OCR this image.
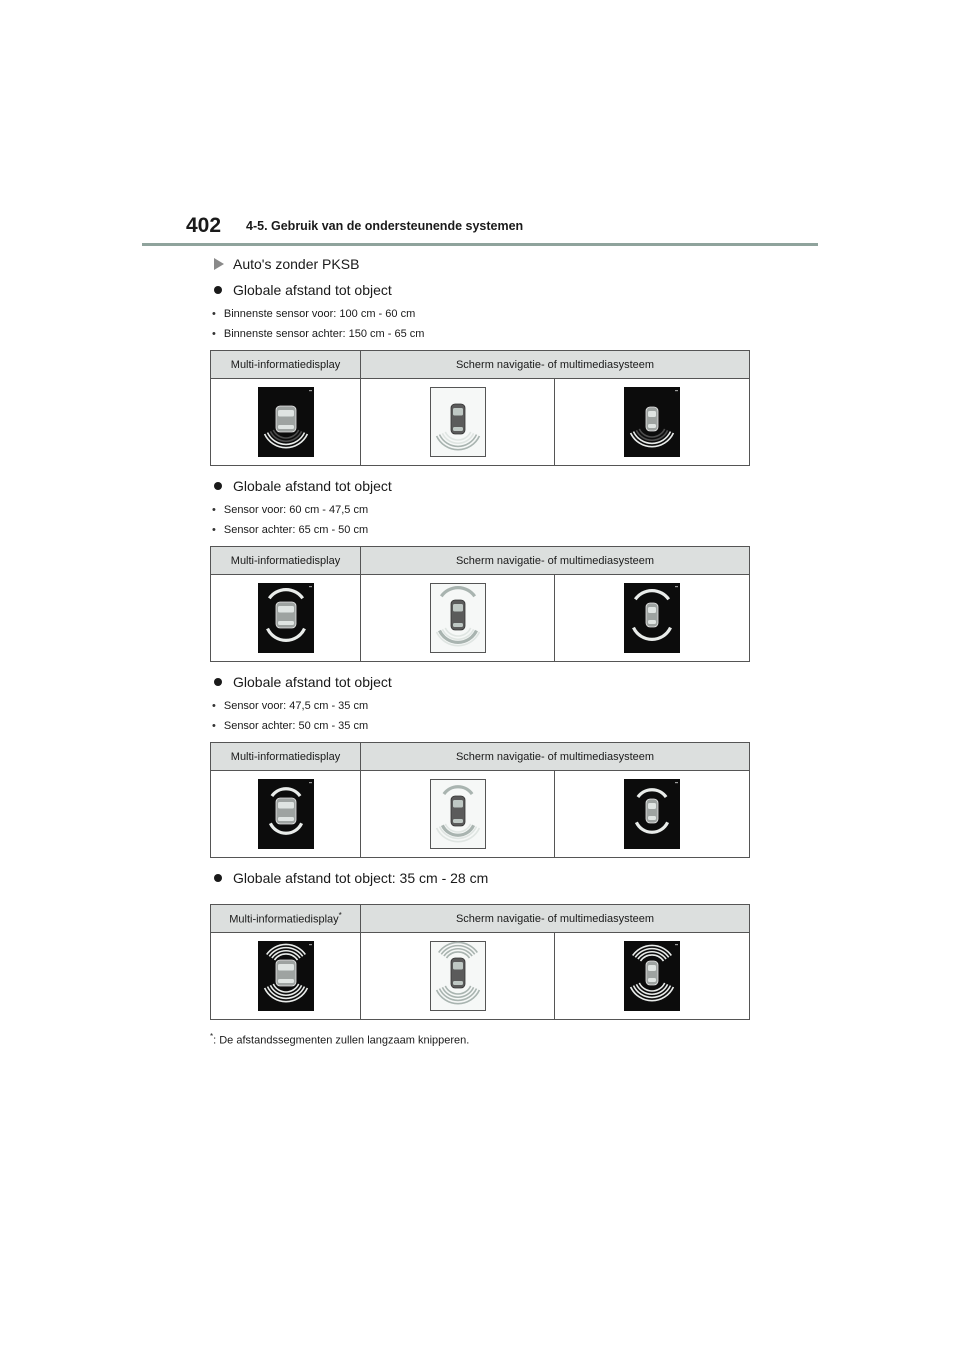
402 4-5. Gebruik van de ondersteunende systemen
Auto's zonder PKSB
Globale afstand tot object
• Binnenste sensor voor: 100 cm - 60 cm
• Binnenste sensor achter: 150 cm - 65 cm
Multi-informatiedisplay	Scherm navigatie- of multimediasysteem	

Globale afstand tot object
• Sensor voor: 60 cm - 47,5 cm
• Sensor achter: 65 cm - 50 cm
Multi-informatiedisplay	Scherm navigatie- of multimediasysteem	

Globale afstand tot object
• Sensor voor: 47,5 cm - 35 cm
• Sensor achter: 50 cm - 35 cm
Multi-informatiedisplay	Scherm navigatie- of multimediasysteem	

Globale afstand tot object: 35 cm - 28 cm
Multi-informatiedisplay*	Scherm navigatie- of multimediasysteem	

*: De afstandssegmenten zullen langzaam knipperen.
